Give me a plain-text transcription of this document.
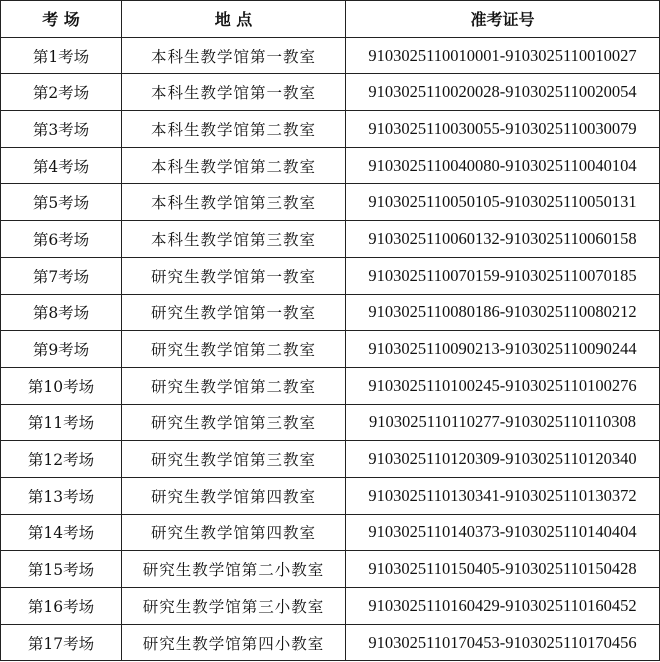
考 场	地 点	准考证号
第1考场	本科生教学馆第一教室	9103025110010001-9103025110010027
第2考场	本科生教学馆第一教室	9103025110020028-9103025110020054
第3考场	本科生教学馆第二教室	9103025110030055-9103025110030079
第4考场	本科生教学馆第二教室	9103025110040080-9103025110040104
第5考场	本科生教学馆第三教室	9103025110050105-9103025110050131
第6考场	本科生教学馆第三教室	9103025110060132-9103025110060158
第7考场	研究生教学馆第一教室	9103025110070159-9103025110070185
第8考场	研究生教学馆第一教室	9103025110080186-9103025110080212
第9考场	研究生教学馆第二教室	9103025110090213-9103025110090244
第10考场	研究生教学馆第二教室	9103025110100245-9103025110100276
第11考场	研究生教学馆第三教室	9103025110110277-9103025110110308
第12考场	研究生教学馆第三教室	9103025110120309-9103025110120340
第13考场	研究生教学馆第四教室	9103025110130341-9103025110130372
第14考场	研究生教学馆第四教室	9103025110140373-9103025110140404
第15考场	研究生教学馆第二小教室	9103025110150405-9103025110150428
第16考场	研究生教学馆第三小教室	9103025110160429-9103025110160452
第17考场	研究生教学馆第四小教室	9103025110170453-9103025110170456
